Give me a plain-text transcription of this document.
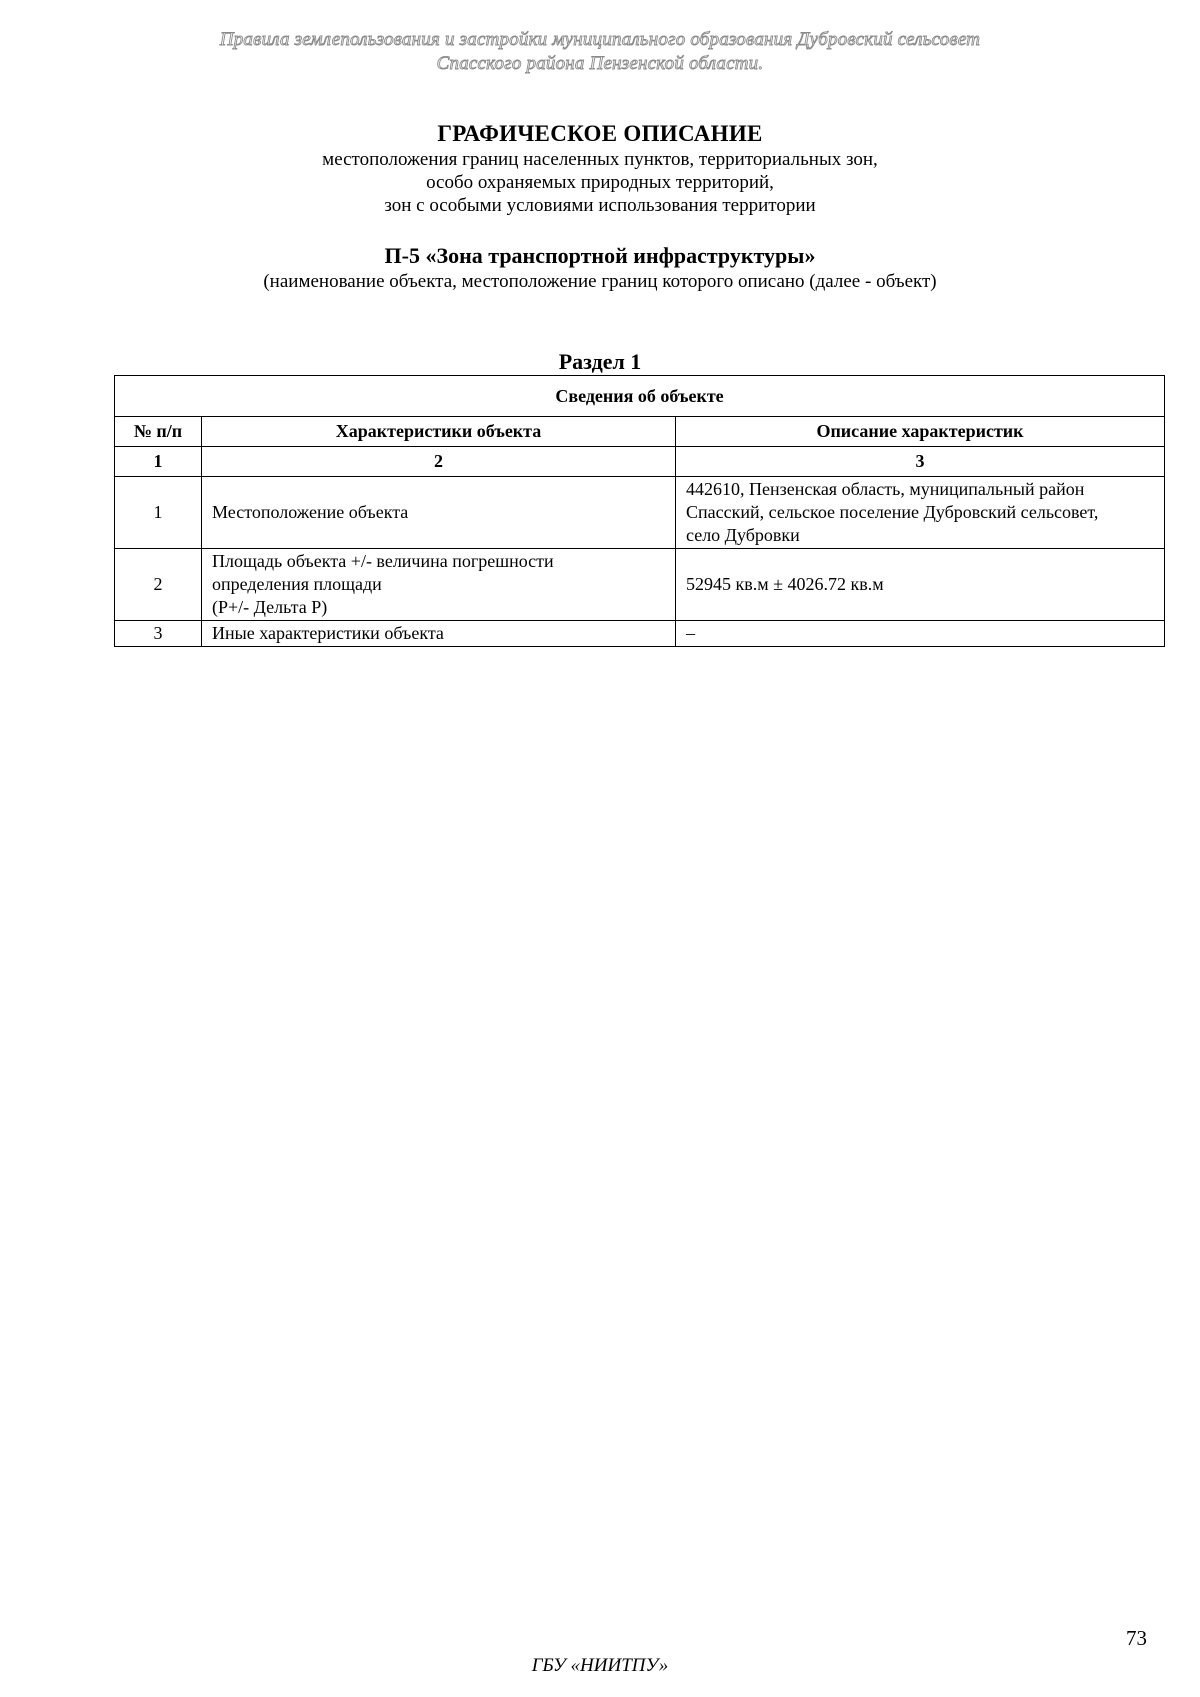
Правила землепользования и застройки муниципального образования Дубровский сельсовет
Спасского района Пензенской области.
ГРАФИЧЕСКОЕ ОПИСАНИЕ
местоположения границ населенных пунктов, территориальных зон,
особо охраняемых природных территорий,
зон с особыми условиями использования территории
П-5 «Зона транспортной инфраструктуры»
(наименование объекта, местоположение границ которого описано (далее - объект)
Раздел 1
Сведения об объекте		
№ п/п	Характеристики объекта	Описание характеристик
1	2	3
1	Местоположение объекта	442610, Пензенская область, муниципальный район
Спасский, сельское поселение Дубровский сельсовет,
село Дубровки

2	Площадь объекта +/- величина погрешности
определения площади
(P+/- Дельта P)	52945 кв.м ± 4026.72 кв.м

3	Иные характеристики объекта	–
73
ГБУ «НИИТПУ»
